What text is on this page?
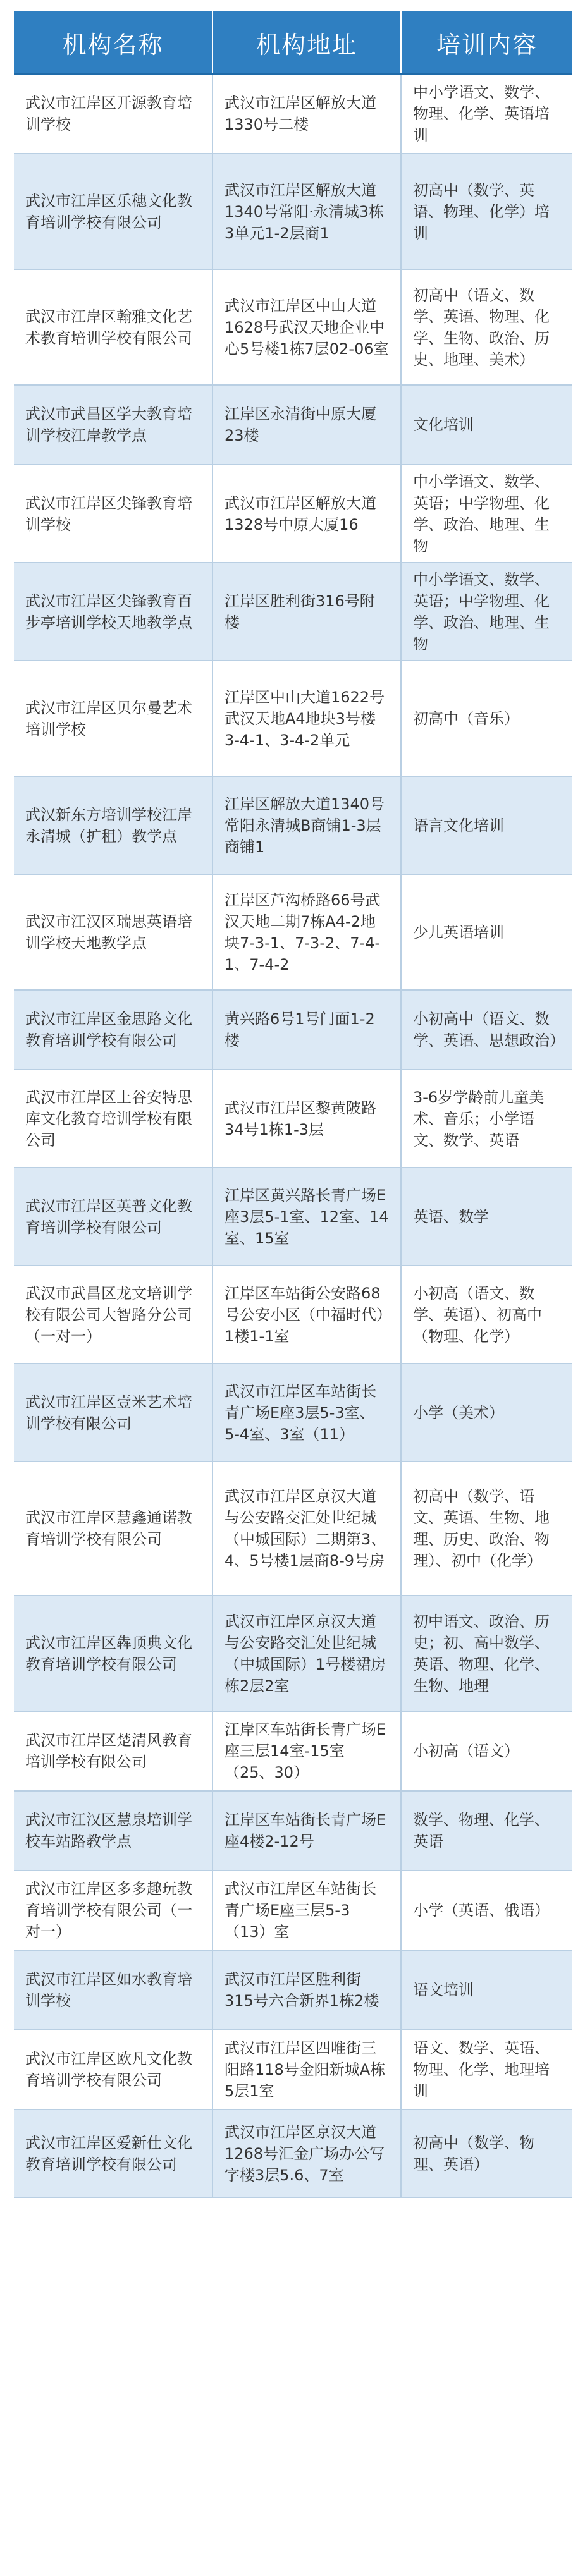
机构名称	机构地址	培训内容
武汉市江岸区开源教育培训学校
武汉市江岸区解放大道1330号二楼
中小学语文、数学、物理、化学、英语培训
武汉市江岸区乐穗文化教育培训学校有限公司
武汉市江岸区解放大道1340号常阳·永清城3栋3单元1-2层商1
初高中（数学、英语、物理、化学）培训
武汉市江岸区翰雅文化艺术教育培训学校有限公司
武汉市江岸区中山大道1628号武汉天地企业中心5号楼1栋7层02-06室
初高中（语文、数学、英语、物理、化学、生物、政治、历史、地理、美术）
武汉市武昌区学大教育培训学校江岸教学点
江岸区永清街中原大厦23楼
文化培训
武汉市江岸区尖锋教育培训学校
武汉市江岸区解放大道1328号中原大厦16
中小学语文、数学、英语；中学物理、化学、政治、地理、生物
武汉市江岸区尖锋教育百步亭培训学校天地教学点
江岸区胜利街316号附楼
中小学语文、数学、英语；中学物理、化学、政治、地理、生物
武汉市江岸区贝尔曼艺术培训学校
江岸区中山大道1622号武汉天地A4地块3号楼3-4-1、3-4-2单元
初高中（音乐）
武汉新东方培训学校江岸永清城（扩租）教学点
江岸区解放大道1340号常阳永清城B商铺1-3层商铺1
语言文化培训
武汉市江汉区瑞思英语培训学校天地教学点
江岸区芦沟桥路66号武汉天地二期7栋A4-2地块7-3-1、7-3-2、7-4-1、7-4-2
少儿英语培训
武汉市江岸区金思路文化教育培训学校有限公司
黄兴路6号1号门面1-2楼
小初高中（语文、数学、英语、思想政治）
武汉市江岸区上谷安特思库文化教育培训学校有限公司
武汉市江岸区黎黄陂路34号1栋1-3层
3-6岁学龄前儿童美术、音乐；小学语文、数学、英语
武汉市江岸区英普文化教育培训学校有限公司
江岸区黄兴路长青广场E座3层5-1室、12室、14室、15室
英语、数学
武汉市武昌区龙文培训学校有限公司大智路分公司（一对一）
江岸区车站街公安路68号公安小区（中福时代）1楼1-1室
小初高（语文、数学、英语）、初高中（物理、化学）
武汉市江岸区壹米艺术培训学校有限公司
武汉市江岸区车站街长青广场E座3层5-3室、5-4室、3室（11）
小学（美术）
武汉市江岸区慧鑫通诺教育培训学校有限公司
武汉市江岸区京汉大道与公安路交汇处世纪城（中城国际）二期第3、4、5号楼1层商8-9号房
初高中（数学、语文、英语、生物、地理、历史、政治、物理）、初中（化学）
武汉市江岸区犇顶典文化教育培训学校有限公司
武汉市江岸区京汉大道与公安路交汇处世纪城（中城国际）1号楼裙房栋2层2室
初中语文、政治、历史；初、高中数学、英语、物理、化学、生物、地理
武汉市江岸区楚清风教育培训学校有限公司
江岸区车站街长青广场E座三层14室-15室（25、30）
小初高（语文）
武汉市江汉区慧泉培训学校车站路教学点
江岸区车站街长青广场E座4楼2-12号
数学、物理、化学、英语
武汉市江岸区多多趣玩教育培训学校有限公司（一对一）
武汉市江岸区车站街长青广场E座三层5-3（13）室
小学（英语、俄语）
武汉市江岸区如水教育培训学校
武汉市江岸区胜利街315号六合新界1栋2楼
语文培训
武汉市江岸区欧凡文化教育培训学校有限公司
武汉市江岸区四唯街三阳路118号金阳新城A栋5层1室
语文、数学、英语、物理、化学、地理培训
武汉市江岸区爱新仕文化教育培训学校有限公司
武汉市江岸区京汉大道1268号汇金广场办公写字楼3层5.6、7室
初高中（数学、物理、英语）
